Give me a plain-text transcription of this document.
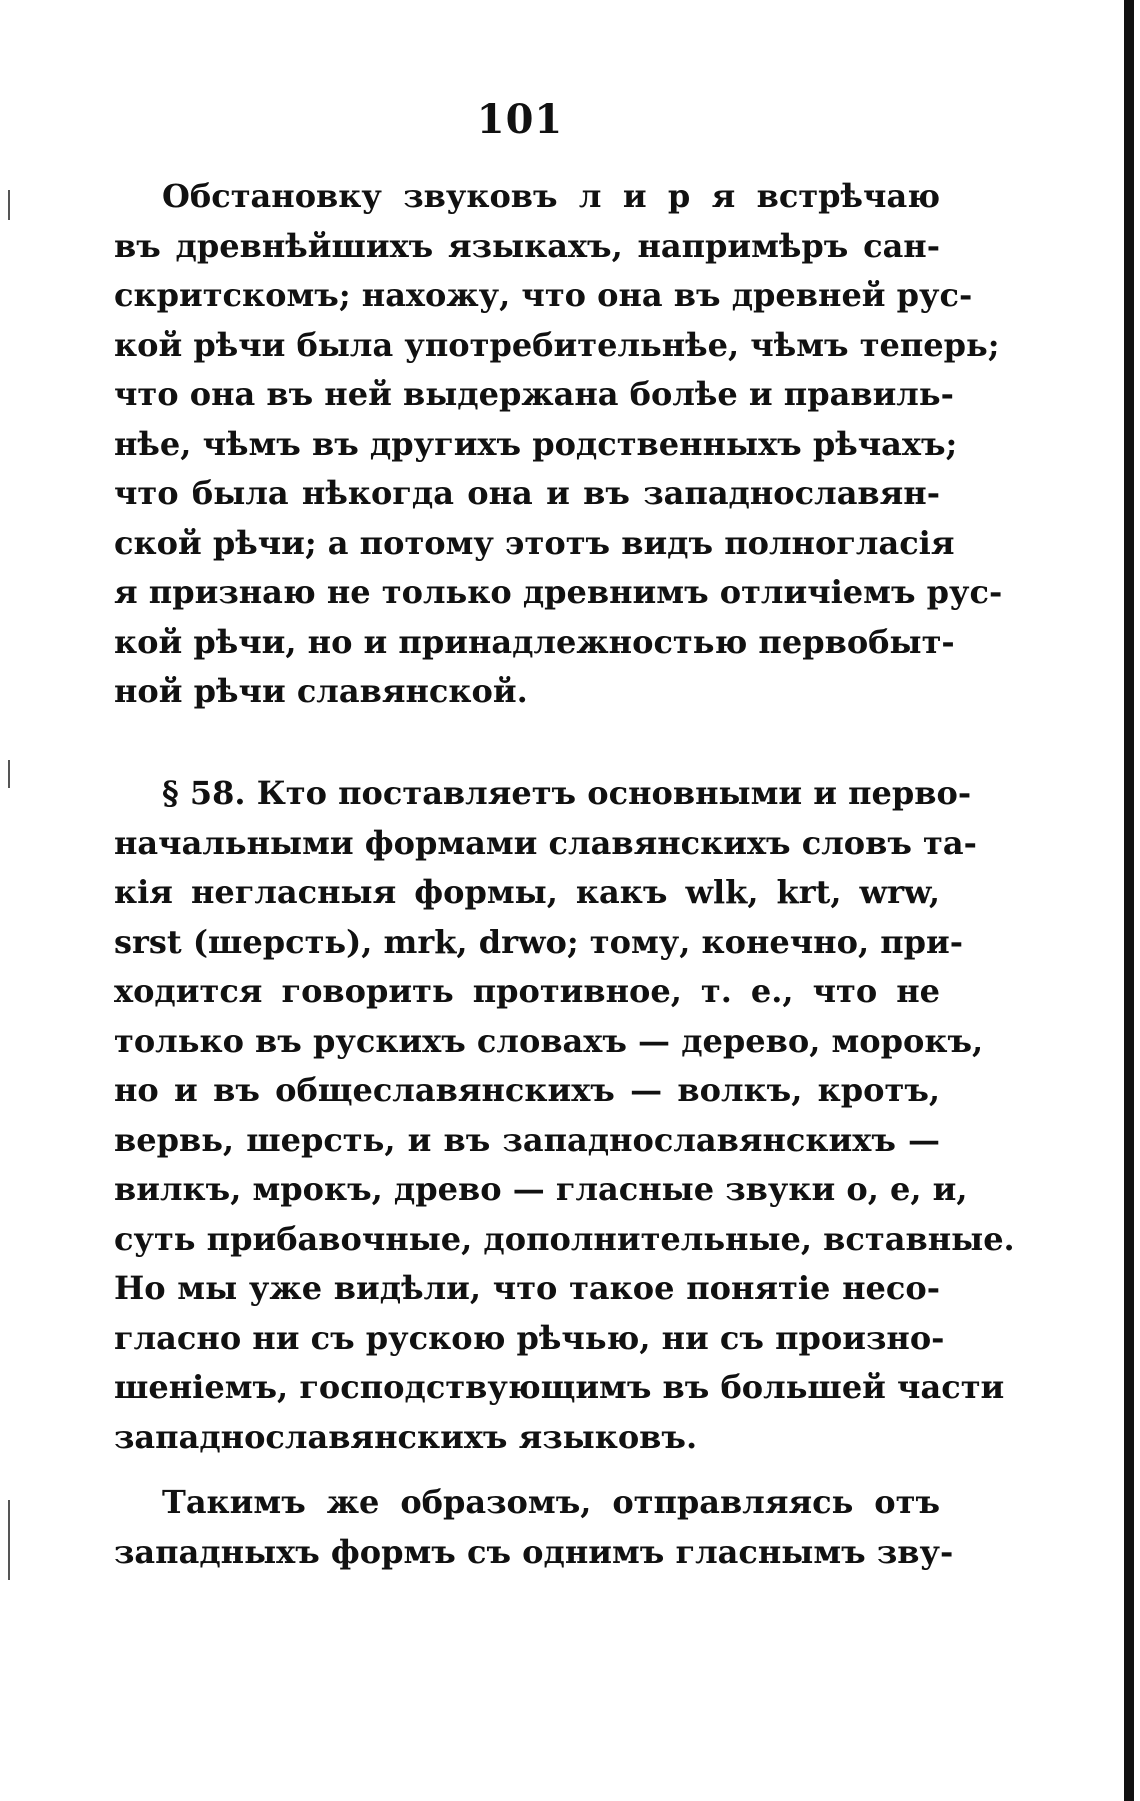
101
Обстановку звуковъ л и р я встрѣчаю
въ древнѣйшихъ языкахъ, напримѣръ сан-
скритскомъ; нахожу, что она въ древней рус-
кой рѣчи была употребительнѣе, чѣмъ теперь;
что она въ ней выдержана болѣе и правиль-
нѣе, чѣмъ въ другихъ родственныхъ рѣчахъ;
что была нѣкогда она и въ западнославян-
ской рѣчи; а потому этотъ видъ полногласія
я признаю не только древнимъ отличіемъ рус-
кой рѣчи, но и принадлежностью первобыт-
ной рѣчи славянской.
§ 58. Кто поставляетъ основными и перво-
начальными формами славянскихъ словъ та-
кія негласныя формы, какъ wlk, krt, wrw,
srst (шерсть), mrk, drwo; тому, конечно, при-
ходится говорить противное, т. е., что не
только въ рускихъ словахъ — дерево, морокъ,
но и въ общеславянскихъ — волкъ, кротъ,
вервь, шерсть, и въ западнославянскихъ —
вилкъ, мрокъ, древо — гласные звуки о, е, и,
суть прибавочные, дополнительные, вставные.
Но мы уже видѣли, что такое понятіе несо-
гласно ни съ рускою рѣчью, ни съ произно-
шеніемъ, господствующимъ въ большей части
западнославянскихъ языковъ.
Такимъ же образомъ, отправляясь отъ
западныхъ формъ съ однимъ гласнымъ зву-
